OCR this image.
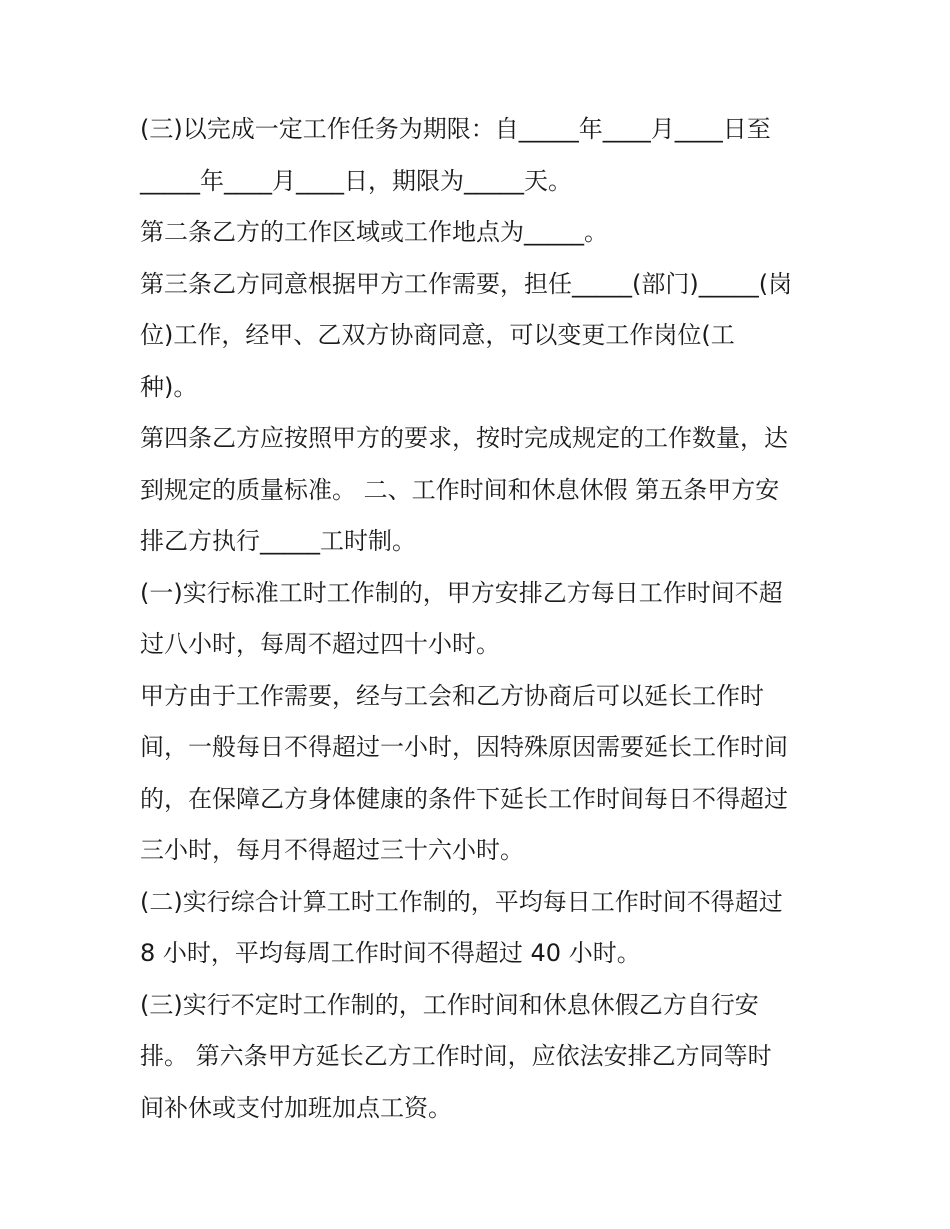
(三)以完成一定工作任务为期限：自_____年____月____日至
_____年____月____日，期限为_____天。
第二条乙方的工作区域或工作地点为_____。
第三条乙方同意根据甲方工作需要，担任_____(部门)_____(岗
位)工作，经甲、乙双方协商同意，可以变更工作岗位(工
种)。
第四条乙方应按照甲方的要求，按时完成规定的工作数量，达
到规定的质量标准。 二、工作时间和休息休假 第五条甲方安
排乙方执行_____工时制。
(一)实行标准工时工作制的，甲方安排乙方每日工作时间不超
过八小时，每周不超过四十小时。
甲方由于工作需要，经与工会和乙方协商后可以延长工作时
间，一般每日不得超过一小时，因特殊原因需要延长工作时间
的，在保障乙方身体健康的条件下延长工作时间每日不得超过
三小时，每月不得超过三十六小时。
(二)实行综合计算工时工作制的，平均每日工作时间不得超过
8 小时，平均每周工作时间不得超过 40 小时。
(三)实行不定时工作制的，工作时间和休息休假乙方自行安
排。 第六条甲方延长乙方工作时间，应依法安排乙方同等时
间补休或支付加班加点工资。
